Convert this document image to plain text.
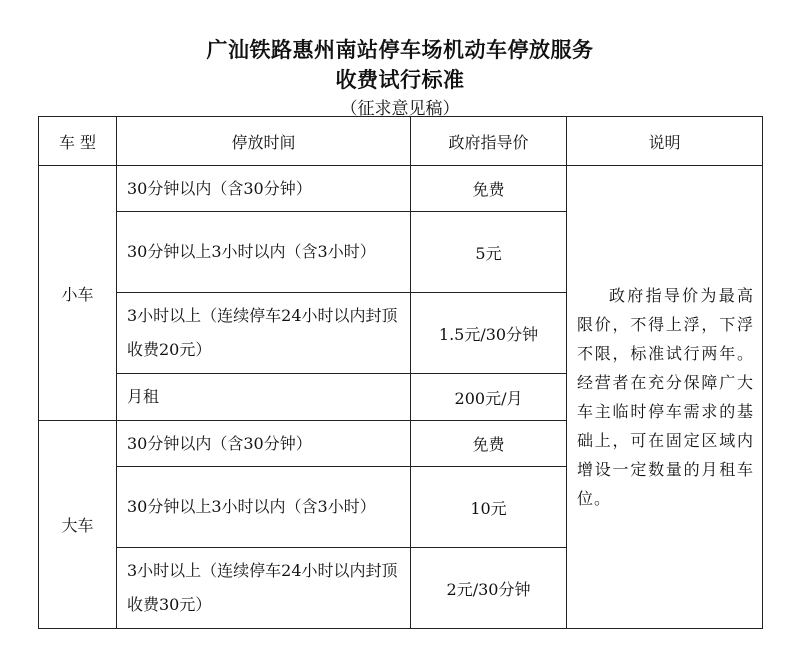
广汕铁路惠州南站停车场机动车停放服务
收费试行标准
（征求意见稿）
车 型	停放时间	政府指导价	说明
小车	30分钟以内（含30分钟）	免费	政府指导价为最高限价，不得上浮，下浮不限，标准试行两年。经营者在充分保障广大车主临时停车需求的基础上，可在固定区域内增设一定数量的月租车位。

	30分钟以上3小时以内（含3小时）	5元	
	3小时以上（连续停车24小时以内封顶收费20元）	1.5元/30分钟	
	月租	200元/月	
大车	30分钟以内（含30分钟）	免费	
	30分钟以上3小时以内（含3小时）	10元	
	3小时以上（连续停车24小时以内封顶收费30元）	2元/30分钟	
